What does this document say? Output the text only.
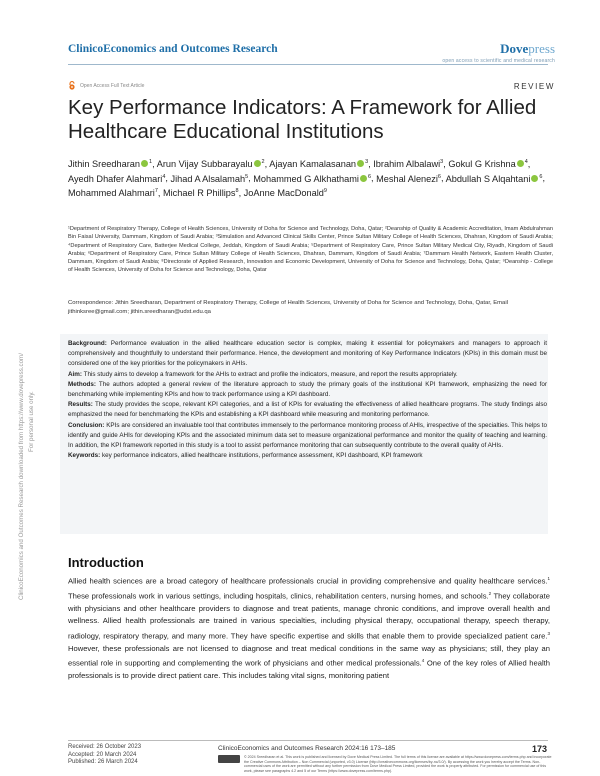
ClinicoEconomics and Outcomes Research	Dovepress
open access to scientific and medical research
Open Access Full Text Article	REVIEW
Key Performance Indicators: A Framework for Allied Healthcare Educational Institutions
Jithin Sreedharan $^1$, Arun Vijay Subbarayalu $^2$, Ajayan Kamalasanan $^3$, Ibrahim Albalawi$^3$, Gokul G Krishna $^4$, Ayedh Dhafer Alahmari$^4$, Jihad A Alsalamah$^5$, Mohammed G Alkhathami $^6$, Meshal Alenezi$^6$, Abdullah S Alqahtani $^6$, Mohammed Alahmari$^7$, Michael R Phillips$^8$, JoAnne MacDonald$^9$
¹Department of Respiratory Therapy, College of Health Sciences, University of Doha for Science and Technology, Doha, Qatar; ²Deanship of Quality & Academic Accreditation, Imam Abdulrahman Bin Faisal University, Dammam, Kingdom of Saudi Arabia; ³Simulation and Advanced Clinical Skills Center, Prince Sultan Military College of Health Sciences, Dhahran, Kingdom of Saudi Arabia; ⁴Department of Respiratory Care, Batterjee Medical College, Jeddah, Kingdom of Saudi Arabia; ⁵Department of Respiratory Care, Prince Sultan Military Medical City, Riyadh, Kingdom of Saudi Arabia; ⁶Department of Respiratory Care, Prince Sultan Military College of Health Sciences, Dhahran, Dammam, Kingdom of Saudi Arabia; ⁷Dammam Health Network, Eastern Health Cluster, Dammam, Kingdom of Saudi Arabia; ⁸Directorate of Applied Research, Innovation and Economic Development, University of Doha for Science and Technology, Doha, Qatar; ⁹Deanship - College of Health Sciences, University of Doha for Science and Technology, Doha, Qatar
Correspondence: Jithin Sreedharan, Department of Respiratory Therapy, College of Health Sciences, University of Doha for Science and Technology, Doha, Qatar, Email jithinksree@gmail.com; jithin.sreedharan@udst.edu.qa

Background: Performance evaluation in the allied healthcare education sector is complex, making it essential for policymakers and managers to approach it comprehensively and thoughtfully to understand their performance. Hence, the development and monitoring of Key Performance Indicators (KPIs) in this domain must be considered one of the key priorities for the policymakers in AHIs.

Aim: This study aims to develop a framework for the AHIs to extract and profile the indicators, measure, and report the results appropriately.

Methods: The authors adopted a general review of the literature approach to study the primary goals of the institutional KPI framework, emphasizing the need for benchmarking while implementing KPIs and how to track performance using a KPI dashboard.

Results: The study provides the scope, relevant KPI categories, and a list of KPIs for evaluating the effectiveness of allied healthcare programs. The study findings also emphasized the need for benchmarking the KPIs and establishing a KPI dashboard while measuring and monitoring performance.

Conclusion: KPIs are considered an invaluable tool that contributes immensely to the performance monitoring process of AHIs, irrespective of the specialties. This helps to identify and guide AHIs for developing KPIs and the associated minimum data set to measure organizational performance and monitor the quality of teaching and learning. In addition, the KPI framework reported in this study is a tool to assist performance monitoring that can subsequently contribute to the overall quality of AHIs.

Keywords: key performance indicators, allied healthcare institutions, performance assessment, KPI dashboard, KPI framework

Introduction
Allied health sciences are a broad category of healthcare professionals crucial in providing comprehensive and quality healthcare services.$^1$ These professionals work in various settings, including hospitals, clinics, rehabilitation centers, nursing homes, and schools.$^2$ They collaborate with physicians and other healthcare providers to diagnose and treat patients, manage chronic conditions, and improve overall health and wellness. Allied health professionals are trained in various specialties, including physical therapy, occupational therapy, speech therapy, radiology, respiratory therapy, and many more. They have specific expertise and skills that enable them to provide specialized patient care.$^3$ However, these professionals are not licensed to diagnose and treat medical conditions in the same way as physicians; still, they play an essential role in supporting and complementing the work of physicians and other medical professionals.$^4$ One of the key roles of Allied health professionals is to provide direct patient care. This includes taking vital signs, monitoring patient
Received: 26 October 2023
Accepted: 20 March 2024
Published: 26 March 2024
ClinicoEconomics and Outcomes Research 2024:16 173–185	173
© 2024 Sreedharan et al. This work is published and licensed by Dove Medical Press Limited. The full terms of this license are available at https://www.dovepress.com/terms.php and incorporate the Creative Commons Attribution – Non Commercial (unported, v3.0) License (http://creativecommons.org/licenses/by-nc/3.0/). By accessing the work you hereby accept the Terms. Non-commercial uses of the work are permitted without any further permission from Dove Medical Press Limited, provided the work is properly attributed. For permission for commercial use of this work, please see paragraphs 4.2 and 5 of our Terms (https://www.dovepress.com/terms.php).
ClinicoEconomics and Outcomes Research downloaded from https://www.dovepress.com/ For personal use only.
